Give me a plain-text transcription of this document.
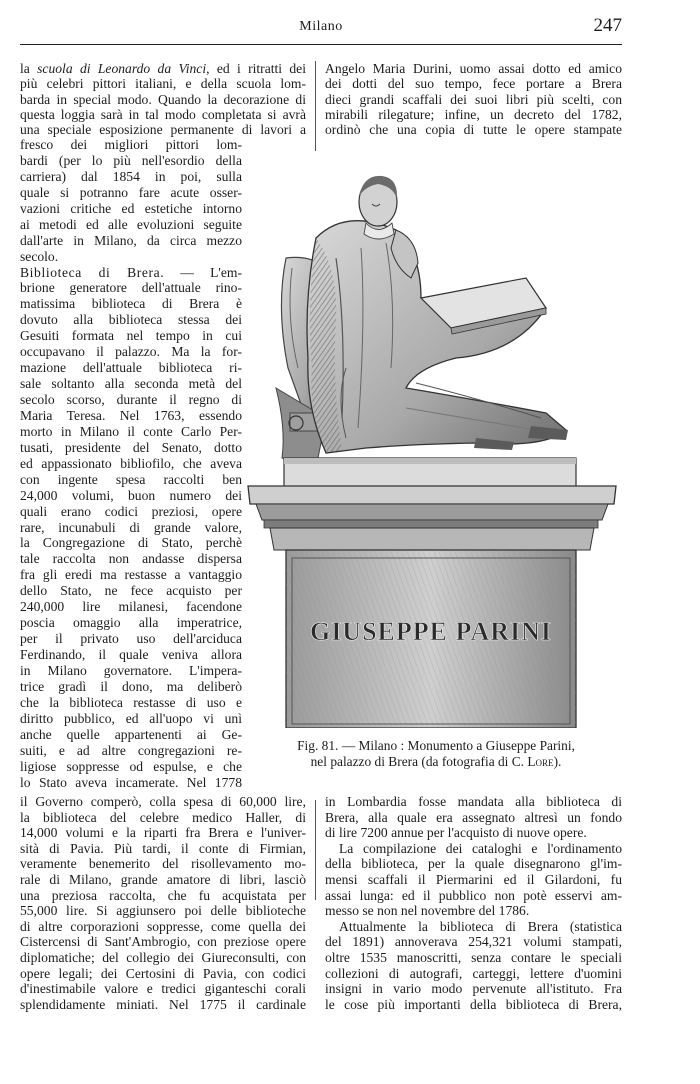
Milano	247
la scuola di Leonardo da Vinci, ed i ritratti dei
più celebri pittori italiani, e della scuola lom-
barda in special modo. Quando la decorazione di
questa loggia sarà in tal modo completata si avrà
una speciale esposizione permanente di lavori a
Angelo Maria Durini, uomo assai dotto ed amico
dei dotti del suo tempo, fece portare a Brera
dieci grandi scaffali dei suoi libri più scelti, con
mirabili rilegature; infine, un decreto del 1782,
ordinò che una copia di tutte le opere stampate
fresco dei migliori pittori lom-
bardi (per lo più nell'esordio della
carriera) dal 1854 in poi, sulla
quale si potranno fare acute osser-
vazioni critiche ed estetiche intorno
ai metodi ed alle evoluzioni seguite
dall'arte in Milano, da circa mezzo
secolo.
Biblioteca di Brera. — L'em-
brione generatore dell'attuale rino-
matissima biblioteca di Brera è
dovuto alla biblioteca stessa dei
Gesuiti formata nel tempo in cui
occupavano il palazzo. Ma la for-
mazione dell'attuale biblioteca ri-
sale soltanto alla seconda metà del
secolo scorso, durante il regno di
Maria Teresa. Nel 1763, essendo
morto in Milano il conte Carlo Per-
tusati, presidente del Senato, dotto
ed appassionato bibliofilo, che aveva
con ingente spesa raccolti ben
24,000 volumi, buon numero dei
quali erano codici preziosi, opere
rare, incunabuli di grande valore,
la Congregazione di Stato, perchè
tale raccolta non andasse dispersa
fra gli eredi ma restasse a vantaggio
dello Stato, ne fece acquisto per
240,000 lire milanesi, facendone
poscia omaggio alla imperatrice,
per il privato uso dell'arciduca
Ferdinando, il quale veniva allora
in Milano governatore. L'impera-
trice gradì il dono, ma deliberò
che la biblioteca restasse di uso e
diritto pubblico, ed all'uopo vi unì
anche quelle appartenenti ai Ge-
suiti, e ad altre congregazioni re-
ligiose soppresse od espulse, e che
lo Stato aveva incamerate. Nel 1778
GIUSEPPE PARINI
Fig. 81. — Milano : Monumento a Giuseppe Parini,
nel palazzo di Brera (da fotografia di C. Lore).
il Governo comperò, colla spesa di 60,000 lire,
la biblioteca del celebre medico Haller, di
14,000 volumi e la riparti fra Brera e l'univer-
sità di Pavia. Più tardi, il conte di Firmian,
veramente benemerito del risollevamento mo-
rale di Milano, grande amatore di libri, lasciò
una preziosa raccolta, che fu acquistata per
55,000 lire. Si aggiunsero poi delle biblioteche
di altre corporazioni soppresse, come quella dei
Cistercensi di Sant'Ambrogio, con preziose opere
diplomatiche; del collegio dei Giureconsulti, con
opere legali; dei Certosini di Pavia, con codici
d'inestimabile valore e tredici giganteschi corali
splendidamente miniati. Nel 1775 il cardinale
in Lombardia fosse mandata alla biblioteca di
Brera, alla quale era assegnato altresì un fondo
di lire 7200 annue per l'acquisto di nuove opere.
La compilazione dei cataloghi e l'ordinamento
della biblioteca, per la quale disegnarono gl'im-
mensi scaffali il Piermarini ed il Gilardoni, fu
assai lunga: ed il pubblico non potè esservi am-
messo se non nel novembre del 1786.
Attualmente la biblioteca di Brera (statistica
del 1891) annoverava 254,321 volumi stampati,
oltre 1535 manoscritti, senza contare le speciali
collezioni di autografi, carteggi, lettere d'uomini
insigni in vario modo pervenute all'istituto. Fra
le cose più importanti della biblioteca di Brera,
